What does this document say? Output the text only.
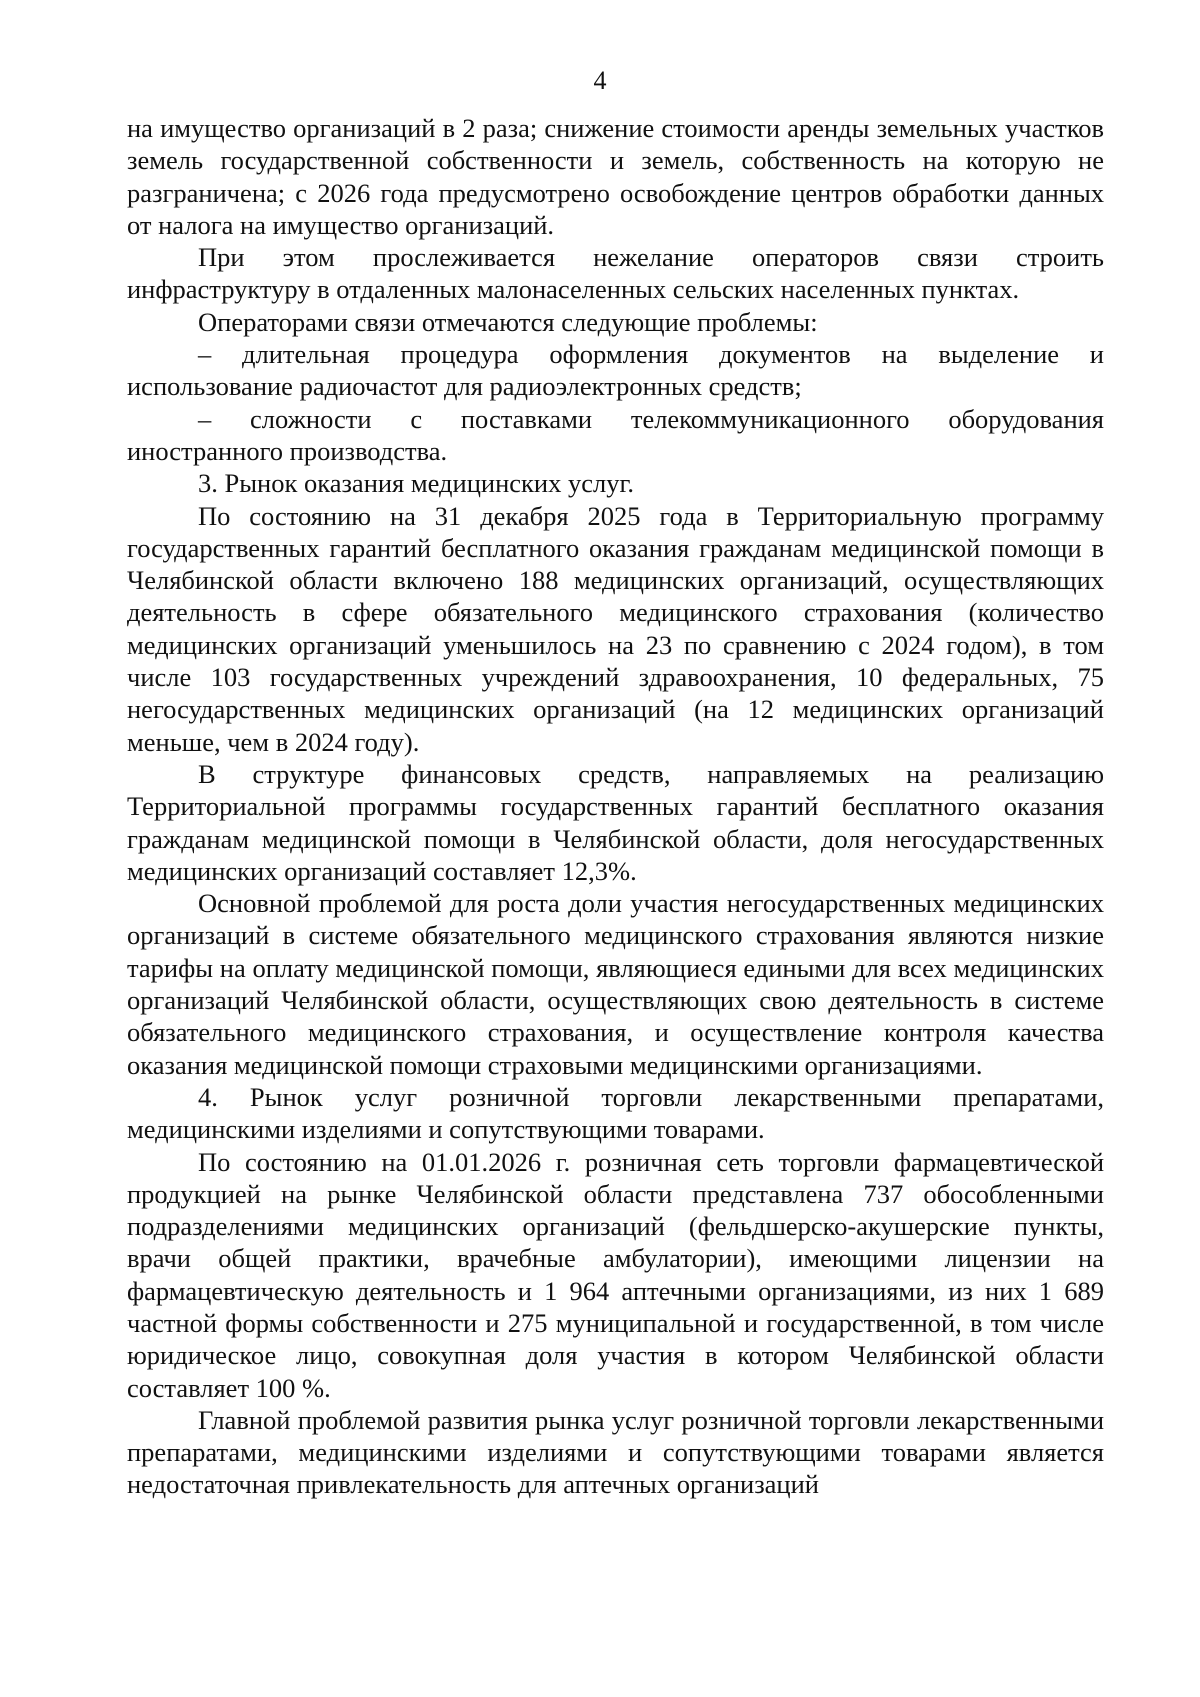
4

на имущество организаций в 2 раза; снижение стоимости аренды земельных участков земель государственной собственности и земель, собственность на которую не разграничена; с 2026 года предусмотрено освобождение центров обработки данных от налога на имущество организаций.

При этом прослеживается нежелание операторов связи строить инфраструктуру в отдаленных малонаселенных сельских населенных пунктах.

Операторами связи отмечаются следующие проблемы:

– длительная процедура оформления документов на выделение и использование радиочастот для радиоэлектронных средств;

– сложности с поставками телекоммуникационного оборудования иностранного производства.

3. Рынок оказания медицинских услуг.

По состоянию на 31 декабря 2025 года в Территориальную программу государственных гарантий бесплатного оказания гражданам медицинской помощи в Челябинской области включено 188 медицинских организаций, осуществляющих деятельность в сфере обязательного медицинского страхования (количество медицинских организаций уменьшилось на 23 по сравнению с 2024 годом), в том числе 103 государственных учреждений здравоохранения, 10 федеральных, 75 негосударственных медицинских организаций (на 12 медицинских организаций меньше, чем в 2024 году).

В структуре финансовых средств, направляемых на реализацию Территориальной программы государственных гарантий бесплатного оказания гражданам медицинской помощи в Челябинской области, доля негосударственных медицинских организаций составляет 12,3%.

Основной проблемой для роста доли участия негосударственных медицинских организаций в системе обязательного медицинского страхования являются низкие тарифы на оплату медицинской помощи, являющиеся едиными для всех медицинских организаций Челябинской области, осуществляющих свою деятельность в системе обязательного медицинского страхования, и осуществление контроля качества оказания медицинской помощи страховыми медицинскими организациями.

4. Рынок услуг розничной торговли лекарственными препаратами, медицинскими изделиями и сопутствующими товарами.

По состоянию на 01.01.2026 г. розничная сеть торговли фармацевтической продукцией на рынке Челябинской области представлена 737 обособленными подразделениями медицинских организаций (фельдшерско-акушерские пункты, врачи общей практики, врачебные амбулатории), имеющими лицензии на фармацевтическую деятельность и 1 964 аптечными организациями, из них 1 689 частной формы собственности и 275 муниципальной и государственной, в том числе юридическое лицо, совокупная доля участия в котором Челябинской области составляет 100 %.

Главной проблемой развития рынка услуг розничной торговли лекарственными препаратами, медицинскими изделиями и сопутствующими товарами является недостаточная привлекательность для аптечных организаций
